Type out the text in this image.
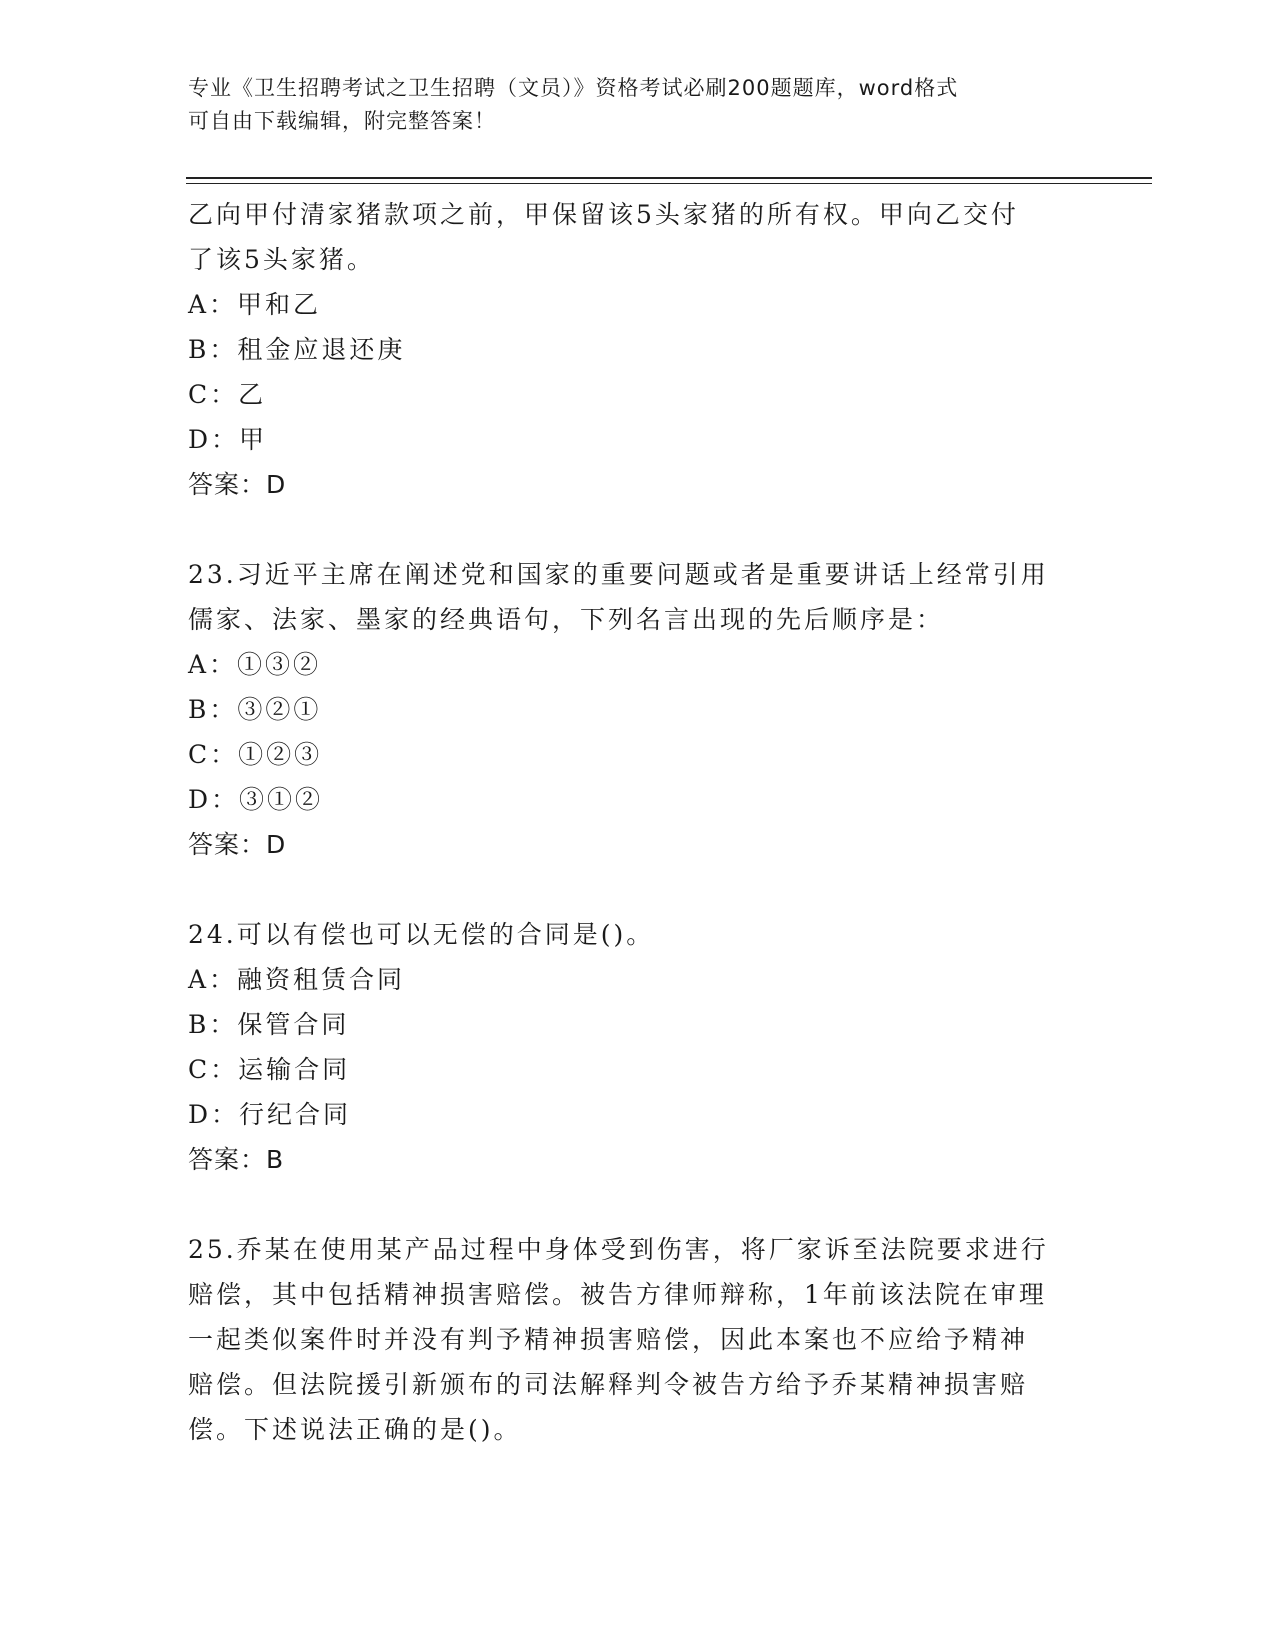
专业《卫生招聘考试之卫生招聘（文员）》资格考试必刷200题题库，word格式
可自由下载编辑，附完整答案！
乙向甲付清家猪款项之前，甲保留该5头家猪的所有权。甲向乙交付
了该5头家猪。
A：甲和乙
B：租金应退还庚
C：乙
D：甲
答案：D
23.习近平主席在阐述党和国家的重要问题或者是重要讲话上经常引用
儒家、法家、墨家的经典语句，下列名言出现的先后顺序是：
A：①③②
B：③②①
C：①②③
D：③①②
答案：D
24.可以有偿也可以无偿的合同是()。
A：融资租赁合同
B：保管合同
C：运输合同
D：行纪合同
答案：B
25.乔某在使用某产品过程中身体受到伤害，将厂家诉至法院要求进行
赔偿，其中包括精神损害赔偿。被告方律师辩称，1年前该法院在审理
一起类似案件时并没有判予精神损害赔偿，因此本案也不应给予精神
赔偿。但法院援引新颁布的司法解释判令被告方给予乔某精神损害赔
偿。下述说法正确的是()。
